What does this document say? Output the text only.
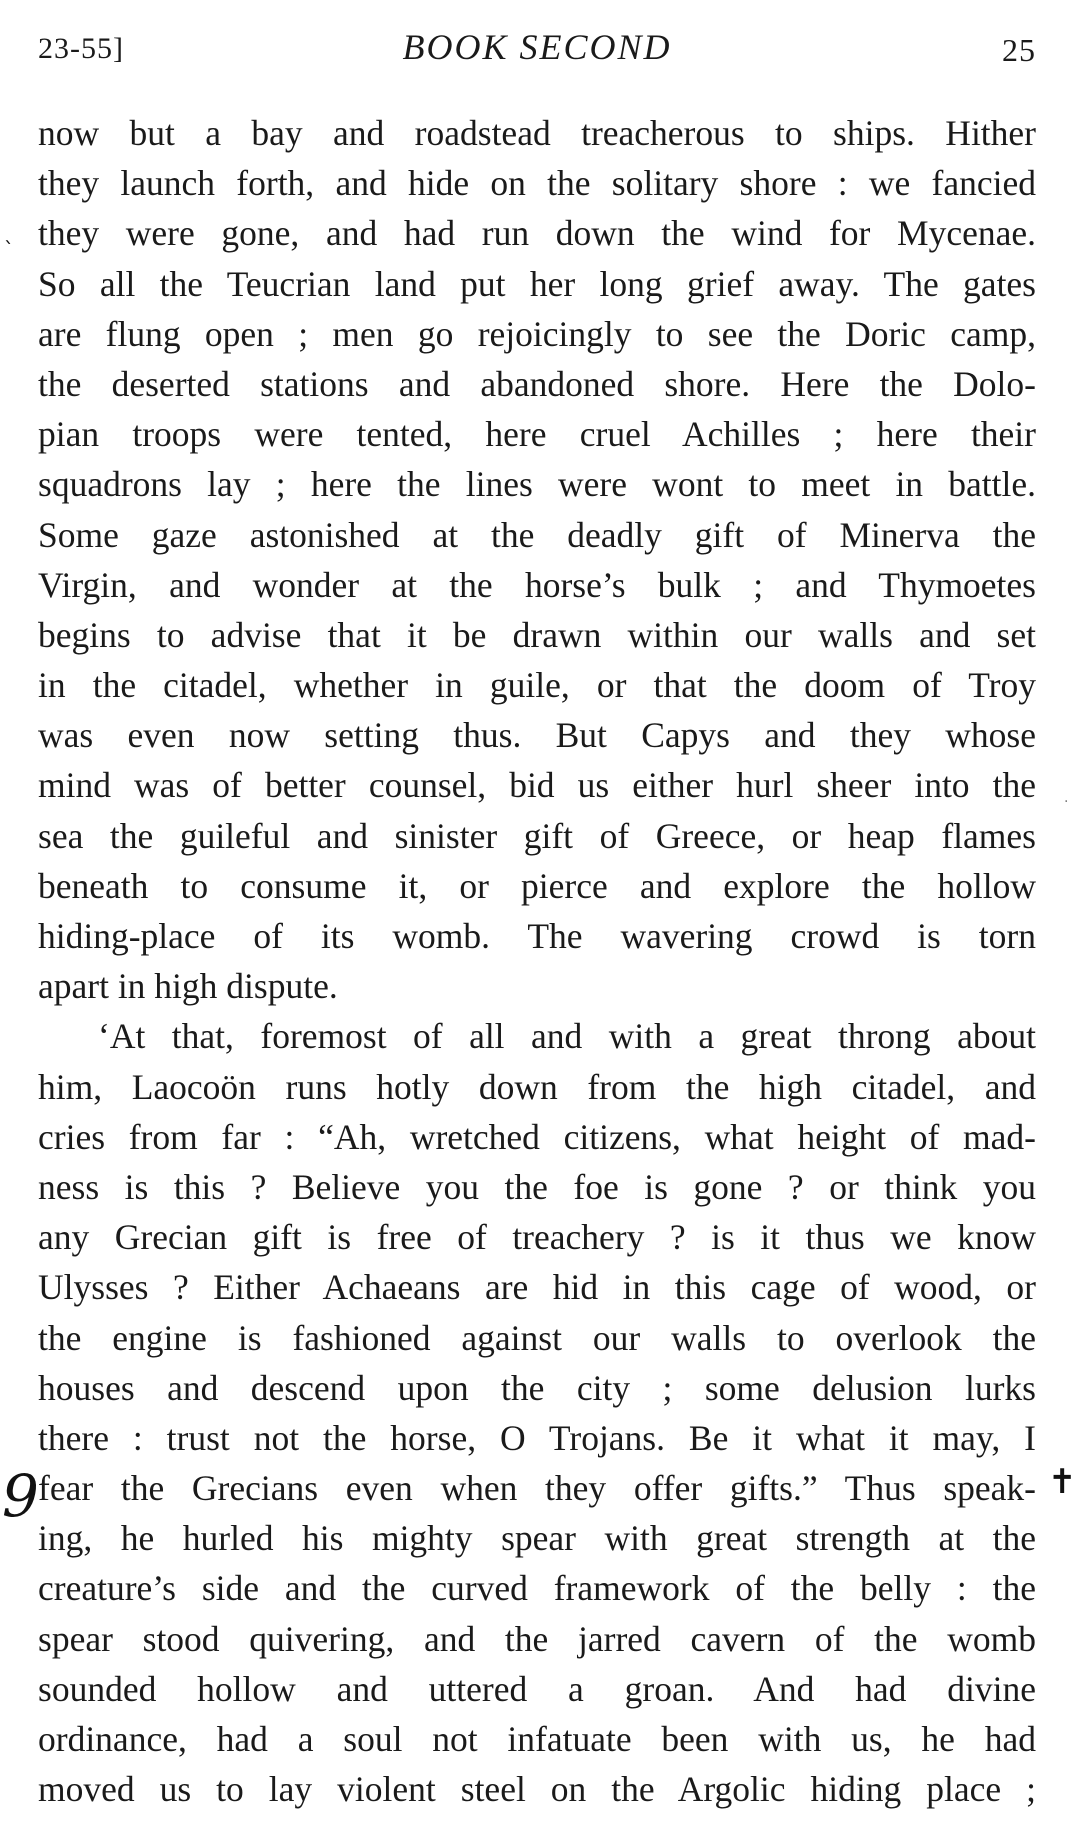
23-55]	BOOK SECOND	25
now but a bay and roadstead treacherous to ships. Hither
they launch forth, and hide on the solitary shore : we fancied
they were gone, and had run down the wind for Mycenae.
So all the Teucrian land put her long grief away. The gates
are flung open ; men go rejoicingly to see the Doric camp,
the deserted stations and abandoned shore. Here the Dolo-
pian troops were tented, here cruel Achilles ; here their
squadrons lay ; here the lines were wont to meet in battle.
Some gaze astonished at the deadly gift of Minerva the
Virgin, and wonder at the horse’s bulk ; and Thymoetes
begins to advise that it be drawn within our walls and set
in the citadel, whether in guile, or that the doom of Troy
was even now setting thus. But Capys and they whose
mind was of better counsel, bid us either hurl sheer into the
sea the guileful and sinister gift of Greece, or heap flames
beneath to consume it, or pierce and explore the hollow
hiding-place of its womb. The wavering crowd is torn
apart in high dispute.
‘At that, foremost of all and with a great throng about
him, Laocoön runs hotly down from the high citadel, and
cries from far : “Ah, wretched citizens, what height of mad-
ness is this ? Believe you the foe is gone ? or think you
any Grecian gift is free of treachery ? is it thus we know
Ulysses ? Either Achaeans are hid in this cage of wood, or
the engine is fashioned against our walls to overlook the
houses and descend upon the city ; some delusion lurks
there : trust not the horse, O Trojans. Be it what it may, I
fear the Grecians even when they offer gifts.” Thus speak-
ing, he hurled his mighty spear with great strength at the
creature’s side and the curved framework of the belly : the
spear stood quivering, and the jarred cavern of the womb
sounded hollow and uttered a groan. And had divine
ordinance, had a soul not infatuate been with us, he had
moved us to lay violent steel on the Argolic hiding place ;
ˎ
9	✝
.
